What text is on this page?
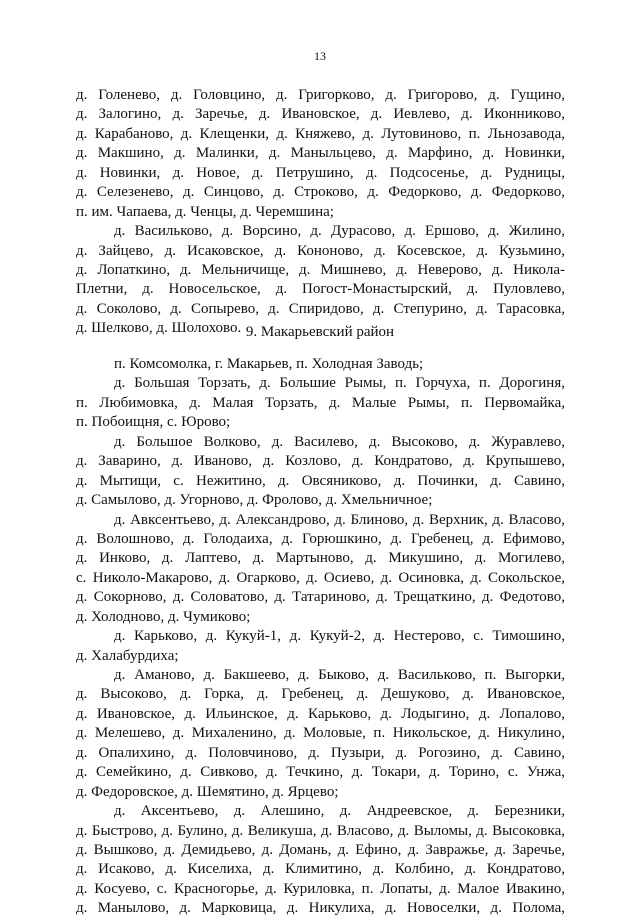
13
д. Голенево, д. Головцино, д. Григорково, д. Григорово, д. Гущино,
д. Залогино, д. Заречье, д. Ивановское, д. Иевлево, д. Иконниково,
д. Карабаново, д. Клещенки, д. Княжево, д. Лутовиново, п. Льнозавода,
д. Макшино, д. Малинки, д. Маныльцево, д. Марфино, д. Новинки,
д. Новинки, д. Новое, д. Петрушино, д. Подсосенье, д. Рудницы,
д. Селезенево, д. Синцово, д. Строково, д. Федорково, д. Федорково,
п. им. Чапаева, д. Ченцы, д. Черемшина;
д. Васильково, д. Ворсино, д. Дурасово, д. Ершово, д. Жилино,
д. Зайцево, д. Исаковское, д. Кононово, д. Косевское, д. Кузьмино,
д. Лопаткино, д. Мельничище, д. Мишнево, д. Неверово, д. Никола-
Плетни, д. Новосельское, д. Погост-Монастырский, д. Пуловлево,
д. Соколово, д. Сопырево, д. Спиридово, д. Степурино, д. Тарасовка,
д. Шелково, д. Шолохово. 9. Макарьевский район
п. Комсомолка, г. Макарьев, п. Холодная Заводь;
д. Большая Торзать, д. Большие Рымы, п. Горчуха, п. Дорогиня,
п. Любимовка, д. Малая Торзать, д. Малые Рымы, п. Первомайка,
п. Побоищня, с. Юрово;
д. Большое Волково, д. Василево, д. Высоково, д. Журавлево,
д. Заварино, д. Иваново, д. Козлово, д. Кондратово, д. Крупышево,
д. Мытищи, с. Нежитино, д. Овсяниково, д. Починки, д. Савино,
д. Самылово, д. Угорново, д. Фролово, д. Хмельничное;
д. Авксентьево, д. Александрово, д. Блиново, д. Верхник, д. Власово,
д. Волошново, д. Голодаиха, д. Горюшкино, д. Гребенец, д. Ефимово,
д. Инково, д. Лаптево, д. Мартыново, д. Микушино, д. Могилево,
с. Николо-Макарово, д. Огарково, д. Осиево, д. Осиновка, д. Сокольское,
д. Сокорново, д. Соловатово, д. Татариново, д. Трещаткино, д. Федотово,
д. Холодново, д. Чумиково;
д. Карьково, д. Кукуй-1, д. Кукуй-2, д. Нестерово, с. Тимошино,
д. Халабурдиха;
д. Аманово, д. Бакшеево, д. Быково, д. Васильково, п. Выгорки,
д. Высоково, д. Горка, д. Гребенец, д. Дешуково, д. Ивановское,
д. Ивановское, д. Ильинское, д. Карьково, д. Лодыгино, д. Лопалово,
д. Мелешево, д. Михаленино, д. Моловые, п. Никольское, д. Никулино,
д. Опалихино, д. Половчиново, д. Пузыри, д. Рогозино, д. Савино,
д. Семейкино, д. Сивково, д. Течкино, д. Токари, д. Торино, с. Унжа,
д. Федоровское, д. Шемятино, д. Ярцево;
д. Аксентьево, д. Алешино, д. Андреевское, д. Березники,
д. Быстрово, д. Булино, д. Великуша, д. Власово, д. Выломы, д. Высоковка,
д. Вышково, д. Демидьево, д. Домань, д. Ефино, д. Завражье, д. Заречье,
д. Исаково, д. Киселиха, д. Климитино, д. Колбино, д. Кондратово,
д. Косуево, с. Красногорье, д. Куриловка, п. Лопаты, д. Малое Ивакино,
д. Манылово, д. Марковица, д. Никулиха, д. Новоселки, д. Полома,
